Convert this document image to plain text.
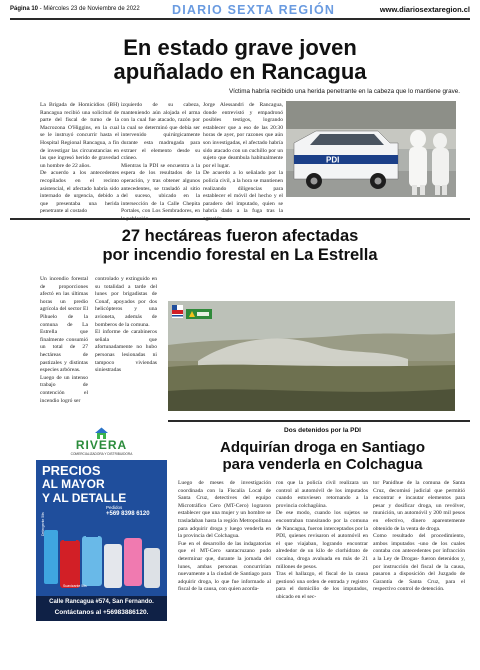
Página 10 - Miércoles 23 de Noviembre de 2022	DIARIO SEXTA REGIÓN	www.diariosextaregion.cl
En estado grave joven
apuñalado en Rancagua
Víctima habría recibido una herida penetrante en la cabeza que lo mantiene grave.
La Brigada de Homicidios (BH) Rancagua recibió una solicitud de parte del fiscal de turno de la Macrozona O'Higgins, en la cual se le instruyó concurrir hasta el Hospital Regional Rancagua, a fin de investigar las circunstancias en las que ingresó herido de gravedad un hombre de 22 años.
De acuerdo a los antecedentes recopilados en el recinto asistencial, el afectado habría sido internado de urgencia, debido a que presentaba una herida penetrante al costado
izquierdo de su cabeza, manteniendo aún alojada el arma con la cual fue atacado, razón por la cual se determinó que debía ser intervenido quirúrgicamente durante esta madrugada para extraer el elemento desde su cráneo.
Mientras la PDI se encuentra a la espera de los resultados de la operación, y tras obtener algunos antecedentes, se trasladó al sitio del suceso, ubicado en la intersección de la Calle Chepita Portales, con Los Sembradores, en
Jorge Alessandri de Rancagua, donde entrevistó y empadronó posibles testigos, logrando establecer que a eso de las 20:30 horas de ayer, por razones que aún son investigadas, el afectado habría sido atacado con un cuchillo por un sujeto que deambula habitualmente por el lugar.
De acuerdo a lo señalado por la policía civil, a la hora se mantienen realizando diligencias para establecer el móvil del hecho y el paradero del imputado, quien se habría dado a la fuga tras la
PDI
27 hectáreas fueron afectadas
por incendio forestal en La Estrella
Un incendio forestal de proporciones afectó en las últimas horas un predio agrícola del sector El Pihuelo de la comuna de La Estrella que finalmente consumió un total de 27 hectáreas de pastizales y distintas especies arbóreas.
Luego de un intenso trabajo de contención el incendio logró ser
controlado y extinguido en su totalidad a tarde del lunes por brigadistas de Conaf, apoyados por dos helicópteros y una avioneta, además de bomberos de la comuna.
El informe de carabineros señala que afortunadamente no hubo personas lesionadas ni tampoco viviendas siniestradas
RIVERA
COMERCIALIZADORA Y DISTRIBUIDORA
PRECIOS
AL MAYOR
Y AL DETALLE
Pedidos
+569 8398 6120
Detergente 5lts
Suavizante 5lts
Calle Rancagua #574, San Fernando.
Contáctanos al +56983886120.
Dos detenidos por la PDI
Adquirían droga en Santiago
para venderla en Colchagua
Luego de meses de investigación coordinada con la Fiscalía Local de Santa Cruz, detectives del equipo Microtráfico Cero (MT-Cero) lograron establecer que una mujer y un hombre se trasladaban hasta la región Metropolitana para adquirir droga y luego venderla en la provincia del Colchagua.
Fue en el desarrollo de las indagatorias que el MT-Cero santacruzano pudo determinar que, durante la jornada del lunes, ambas personas concurrirían nuevamente a la ciudad de Santiago para adquirir droga, lo que fue informado al fiscal de la causa, con quien acorda-
ron que la policía civil realizara un control al automóvil de los imputados cuando estuviesen retornando a la provincia colchagüina.
De ese modo, cuando los sujetos se encontraban transitando por la comuna de Nancagua, fueron interceptados por la PDI, quienes revisaron el automóvil en el que viajaban, logrando encontrar alrededor de un kilo de clorhidrato de cocaína, droga avaluada en más de 21 millones de pesos.
Tras el hallazgo, el fiscal de la causa gestionó una orden de entrada y registro para el domicilio de los imputados, ubicado en el sec-
tor Panidhue de la comuna de Santa Cruz, decomisó judicial que permitió encontrar e incautar elementos para pesar y dosificar droga, un revólver, munición, un automóvil y 200 mil pesos en efectivo, dinero aparentemente obtenido de la venta de droga.
Como resultado del procedimiento, ambos imputados -uno de los cuales contaba con antecedentes por infracción a la Ley de Drogas- fueron detenidos y, por instrucción del fiscal de la causa, pasaron a disposición del Juzgado de Garantía de Santa Cruz, para el respectivo control de detención.
